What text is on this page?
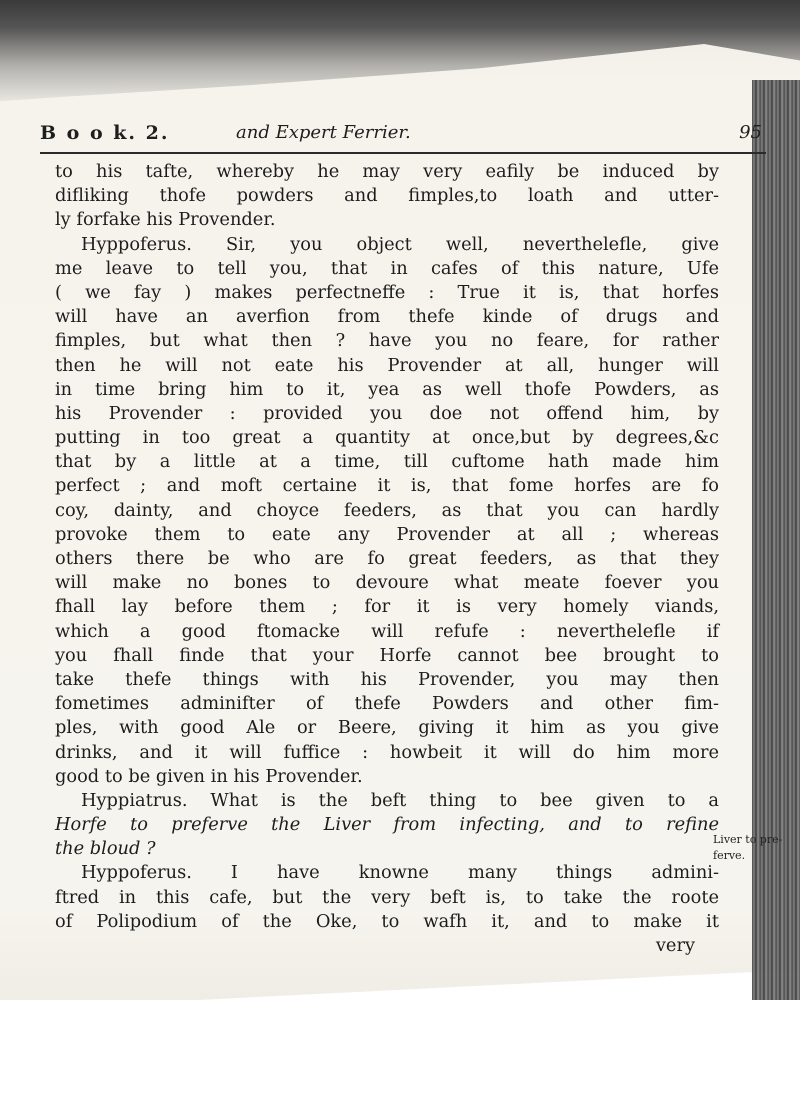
B o o k. 2.	and Expert Ferrier.	95
to his tafte, whereby he may very eafily be induced by
difliking thofe powders and fimples,to loath and utter-
ly forfake his Provender.
Hyppoferus. Sir, you object well, neverthelefle, give
me leave to tell you, that in cafes of this nature, Ufe
( we fay ) makes perfectneffe : True it is, that horfes
will have an averfion from thefe kinde of drugs and
fimples, but what then ? have you no feare, for rather
then he will not eate his Provender at all, hunger will
in time bring him to it, yea as well thofe Powders, as
his Provender : provided you doe not offend him, by
putting in too great a quantity at once,but by degrees,&c
that by a little at a time, till cuftome hath made him
perfect ; and moft certaine it is, that fome horfes are fo
coy, dainty, and choyce feeders, as that you can hardly
provoke them to eate any Provender at all ; whereas
others there be who are fo great feeders, as that they
will make no bones to devoure what meate foever you
fhall lay before them ; for it is very homely viands,
which a good ftomacke will refufe : neverthelefle if
you fhall finde that your Horfe cannot bee brought to
take thefe things with his Provender, you may then
fometimes adminifter of thefe Powders and other fim-
ples, with good Ale or Beere, giving it him as you give
drinks, and it will fuffice : howbeit it will do him more
good to be given in his Provender.
Hyppiatrus. What is the beft thing to bee given to a
Horfe to preferve the Liver from infecting, and to refine
the bloud ?
Hyppoferus. I have knowne many things admini-
ftred in this cafe, but the very beft is, to take the roote
of Polipodium of the Oke, to wafh it, and to make it
very
Liver to pre-
ferve.
